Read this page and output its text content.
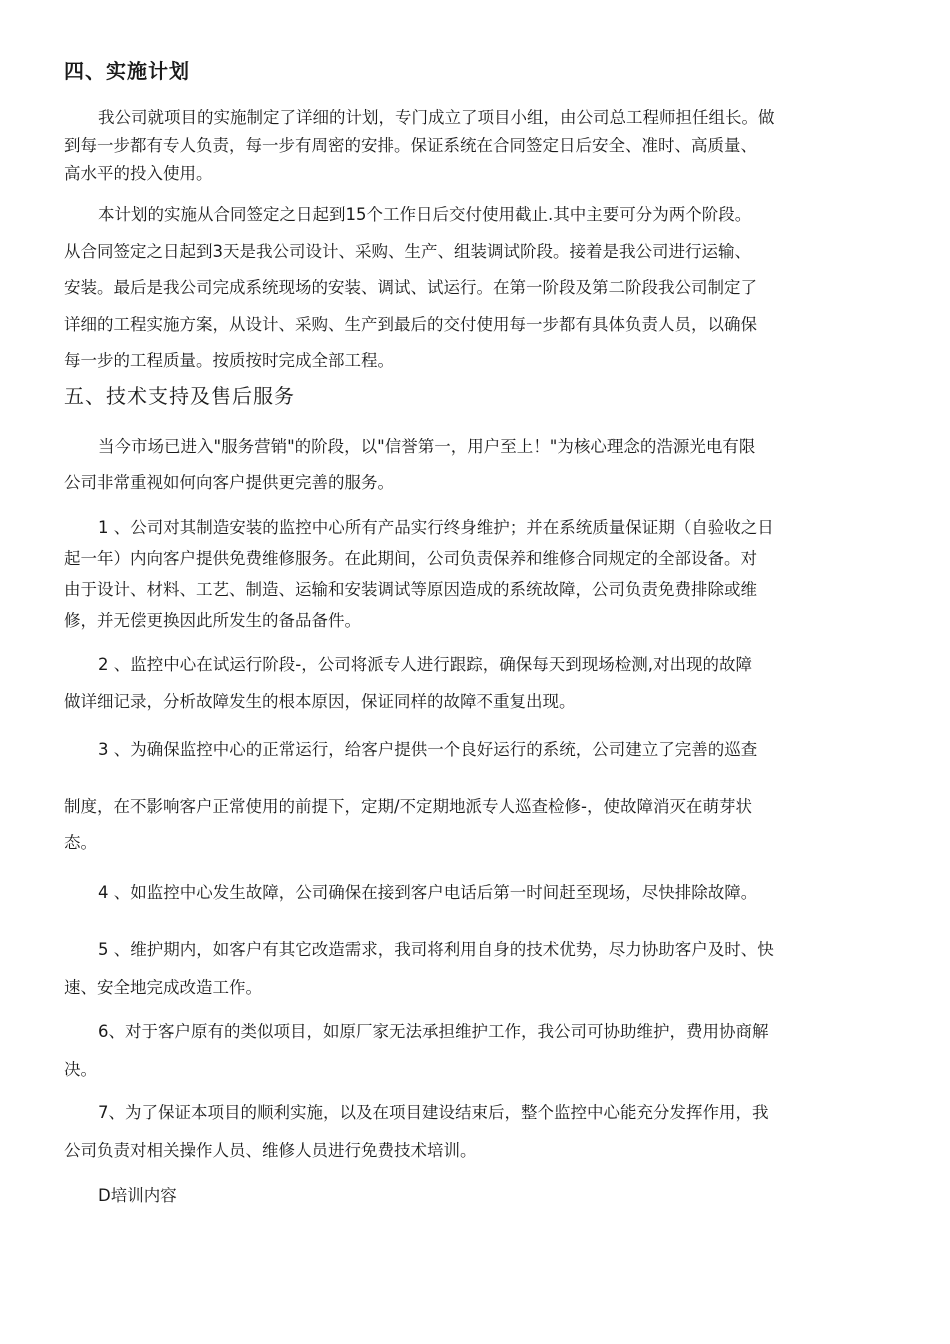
四、实施计划
我公司就项目的实施制定了详细的计划，专门成立了项目小组，由公司总工程师担任组长。做
到每一步都有专人负责，每一步有周密的安排。保证系统在合同签定日后安全、准时、高质量、
高水平的投入使用。
本计划的实施从合同签定之日起到15个工作日后交付使用截止.其中主要可分为两个阶段。
从合同签定之日起到3天是我公司设计、采购、生产、组装调试阶段。接着是我公司进行运输、
安装。最后是我公司完成系统现场的安装、调试、试运行。在第一阶段及第二阶段我公司制定了
详细的工程实施方案，从设计、采购、生产到最后的交付使用每一步都有具体负责人员，以确保
每一步的工程质量。按质按时完成全部工程。
五、技术支持及售后服务
当今市场已进入"服务营销"的阶段，以"信誉第一，用户至上！"为核心理念的浩源光电有限
公司非常重视如何向客户提供更完善的服务。
1 、公司对其制造安装的监控中心所有产品实行终身维护；并在系统质量保证期（自验收之日
起一年）内向客户提供免费维修服务。在此期间，公司负责保养和维修合同规定的全部设备。对
由于设计、材料、工艺、制造、运输和安装调试等原因造成的系统故障，公司负责免费排除或维
修，并无偿更换因此所发生的备品备件。
2 、监控中心在试运行阶段-，公司将派专人进行跟踪，确保每天到现场检测,对出现的故障
做详细记录，分析故障发生的根本原因，保证同样的故障不重复出现。
3 、为确保监控中心的正常运行，给客户提供一个良好运行的系统，公司建立了完善的巡查
制度，在不影响客户正常使用的前提下，定期/不定期地派专人巡查检修-，使故障消灭在萌芽状
态。
4 、如监控中心发生故障，公司确保在接到客户电话后第一时间赶至现场，尽快排除故障。
5 、维护期内，如客户有其它改造需求，我司将利用自身的技术优势，尽力协助客户及时、快
速、安全地完成改造工作。
6、对于客户原有的类似项目，如原厂家无法承担维护工作，我公司可协助维护，费用协商解
决。
7、为了保证本项目的顺利实施，以及在项目建设结束后，整个监控中心能充分发挥作用，我
公司负责对相关操作人员、维修人员进行免费技术培训。
D培训内容
